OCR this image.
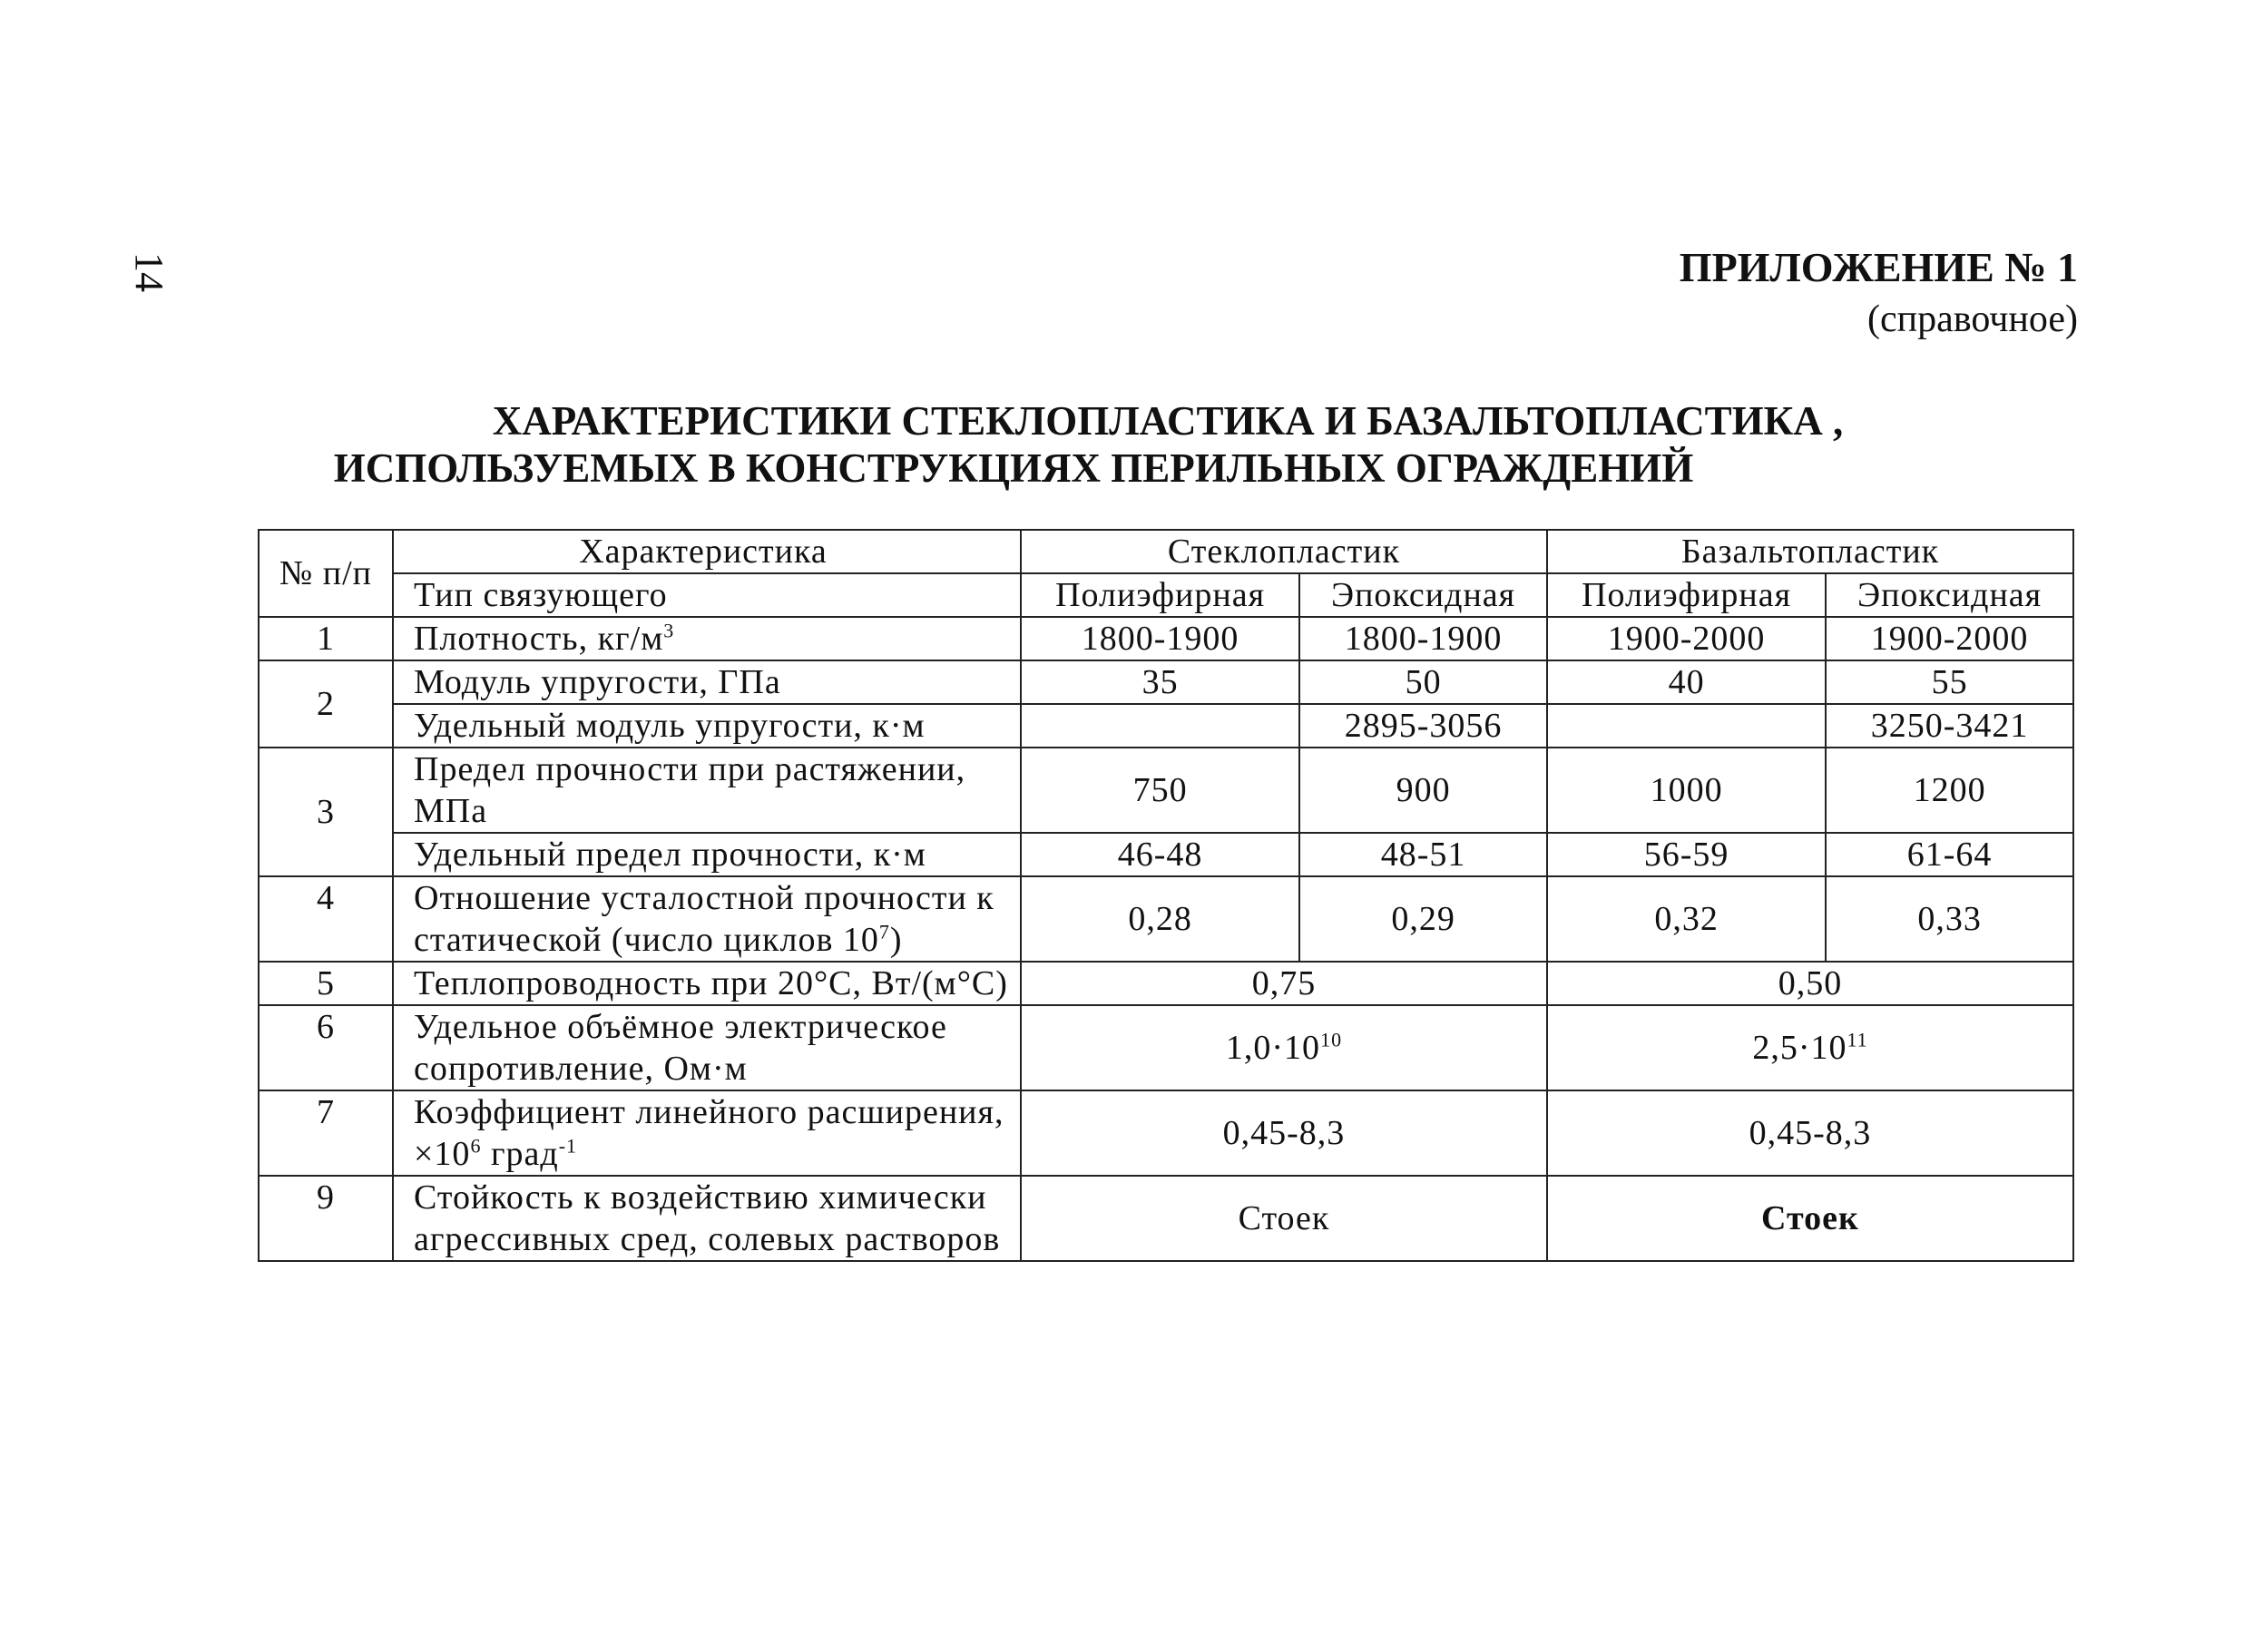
14	ПРИЛОЖЕНИЕ № 1
(справочное)
ХАРАКТЕРИСТИКИ СТЕКЛОПЛАСТИКА И БАЗАЛЬТОПЛАСТИКА ,
ИСПОЛЬЗУЕМЫХ В КОНСТРУКЦИЯХ ПЕРИЛЬНЫХ ОГРАЖДЕНИЙ
№ п/п	Характеристика	Стеклопластик		Базальтопластик	
	Тип связующего	Полиэфирная	Эпоксидная	Полиэфирная	Эпоксидная
1	Плотность, $кг/м^3$	1800-1900	1800-1900	1900-2000	1900-2000
2	Модуль упругости, ГПа	35	50	40	55
	Удельный модуль упругости, к·м		2895-3056		3250-3421
3	Предел прочности при растяжении, МПа	750	900	1000	1200
	Удельный предел прочности, к·м	46-48	48-51	56-59	61-64
4	Отношение усталостной прочности к статической (число циклов $10^7$)	0,28	0,29	0,32	0,33
5	Теплопроводность при 20°C, Вт/(м°С)	0,75		0,50	
6	Удельное объёмное электрическое сопротивление, Ом·м	$1,0\cdot 10^{10}$		$2,5\cdot 10^{11}$
7	Коэффициент линейного расширения, $\times 10^6$ град$^{-1}$	0,45-8,3		0,45-8,3	
9	Стойкость к воздействию химически агрессивных сред, солевых растворов	Стоек		Стоек	
